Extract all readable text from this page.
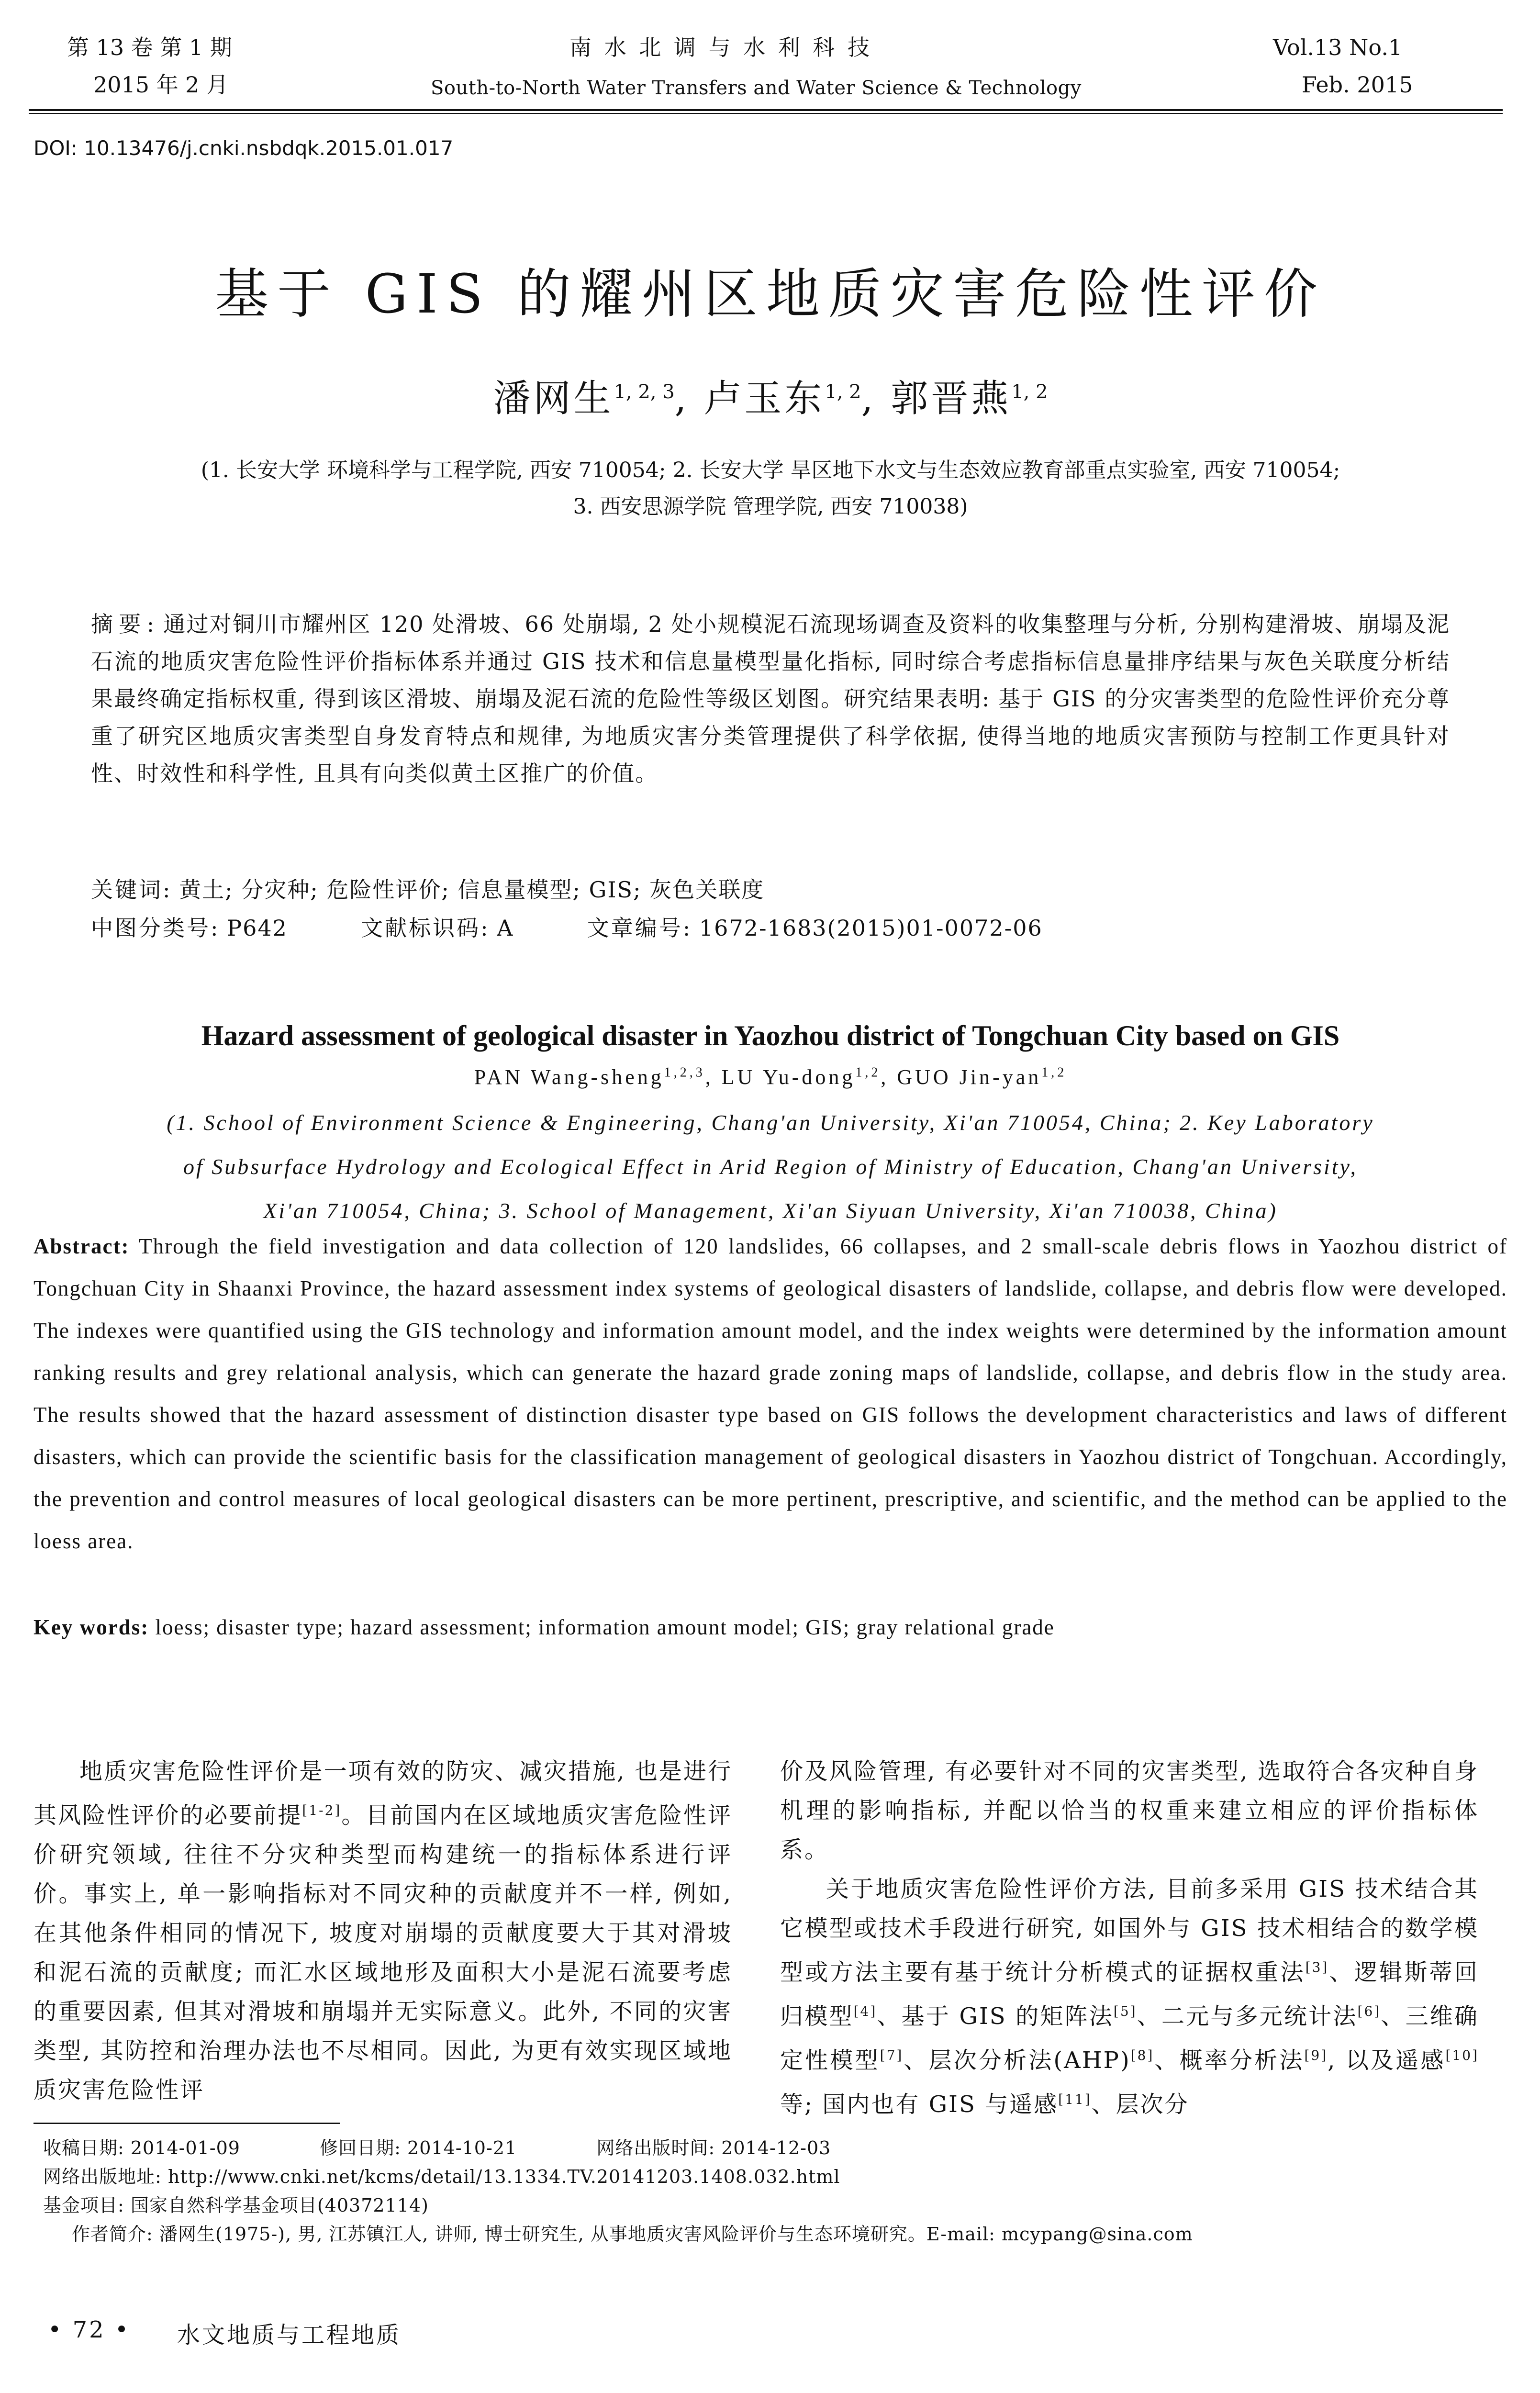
第 13 卷 第 1 期
2015 年 2 月
南 水 北 调 与 水 利 科 技
South-to-North Water Transfers and Water Science & Technology
Vol.13 No.1
Feb. 2015
DOI: 10.13476/j.cnki.nsbdqk.2015.01.017
基于 GIS 的耀州区地质灾害危险性评价
潘网生$^{1, 2, 3}$, 卢玉东$^{1, 2}$, 郭晋燕$^{1, 2}$
(1. 长安大学 环境科学与工程学院, 西安 710054; 2. 长安大学 旱区地下水文与生态效应教育部重点实验室, 西安 710054;
3. 西安思源学院 管理学院, 西安 710038)
摘要: 通过对铜川市耀州区 120 处滑坡、66 处崩塌, 2 处小规模泥石流现场调查及资料的收集整理与分析, 分别构建滑坡、崩塌及泥石流的地质灾害危险性评价指标体系并通过 GIS 技术和信息量模型量化指标, 同时综合考虑指标信息量排序结果与灰色关联度分析结果最终确定指标权重, 得到该区滑坡、崩塌及泥石流的危险性等级区划图。研究结果表明: 基于 GIS 的分灾害类型的危险性评价充分尊重了研究区地质灾害类型自身发育特点和规律, 为地质灾害分类管理提供了科学依据, 使得当地的地质灾害预防与控制工作更具针对性、时效性和科学性, 且具有向类似黄土区推广的价值。
关键词: 黄土; 分灾种; 危险性评价; 信息量模型; GIS; 灰色关联度
中图分类号: P642	文献标识码: A	文章编号: 1672-1683(2015)01-0072-06
Hazard assessment of geological disaster in Yaozhou district of Tongchuan City based on GIS
PAN Wang-sheng$^{1,2,3}$, LU Yu-dong$^{1,2}$, GUO Jin-yan$^{1,2}$
(1. School of Environment Science & Engineering, Chang'an University, Xi'an 710054, China; 2. Key Laboratory
of Subsurface Hydrology and Ecological Effect in Arid Region of Ministry of Education, Chang'an University,
Xi'an 710054, China; 3. School of Management, Xi'an Siyuan University, Xi'an 710038, China)
Abstract: Through the field investigation and data collection of 120 landslides, 66 collapses, and 2 small-scale debris flows in Yaozhou district of Tongchuan City in Shaanxi Province, the hazard assessment index systems of geological disasters of landslide, collapse, and debris flow were developed. The indexes were quantified using the GIS technology and information amount model, and the index weights were determined by the information amount ranking results and grey relational analysis, which can generate the hazard grade zoning maps of landslide, collapse, and debris flow in the study area. The results showed that the hazard assessment of distinction disaster type based on GIS follows the development characteristics and laws of different disasters, which can provide the scientific basis for the classification management of geological disasters in Yaozhou district of Tongchuan. Accordingly, the prevention and control measures of local geological disasters can be more pertinent, prescriptive, and scientific, and the method can be applied to the loess area.
Key words: loess; disaster type; hazard assessment; information amount model; GIS; gray relational grade

地质灾害危险性评价是一项有效的防灾、减灾措施, 也是进行其风险性评价的必要前提[1-2]。目前国内在区域地质灾害危险性评价研究领域, 往往不分灾种类型而构建统一的指标体系进行评价。事实上, 单一影响指标对不同灾种的贡献度并不一样, 例如, 在其他条件相同的情况下, 坡度对崩塌的贡献度要大于其对滑坡和泥石流的贡献度; 而汇水区域地形及面积大小是泥石流要考虑的重要因素, 但其对滑坡和崩塌并无实际意义。此外, 不同的灾害类型, 其防控和治理办法也不尽相同。因此, 为更有效实现区域地质灾害危险性评

价及风险管理, 有必要针对不同的灾害类型, 选取符合各灾种自身机理的影响指标, 并配以恰当的权重来建立相应的评价指标体系。

关于地质灾害危险性评价方法, 目前多采用 GIS 技术结合其它模型或技术手段进行研究, 如国外与 GIS 技术相结合的数学模型或方法主要有基于统计分析模式的证据权重法[3]、逻辑斯蒂回归模型[4]、基于 GIS 的矩阵法[5]、二元与多元统计法[6]、三维确定性模型[7]、层次分析法(AHP)[8]、概率分析法[9], 以及遥感[10]等; 国内也有 GIS 与遥感[11]、层次分

收稿日期: 2014-01-09	修回日期: 2014-10-21	网络出版时间: 2014-12-03
网络出版地址: http://www.cnki.net/kcms/detail/13.1334.TV.20141203.1408.032.html
基金项目: 国家自然科学基金项目(40372114)
作者简介: 潘网生(1975-), 男, 江苏镇江人, 讲师, 博士研究生, 从事地质灾害风险评价与生态环境研究。E-mail: mcypang@sina.com
• 72 • 水文地质与工程地质
